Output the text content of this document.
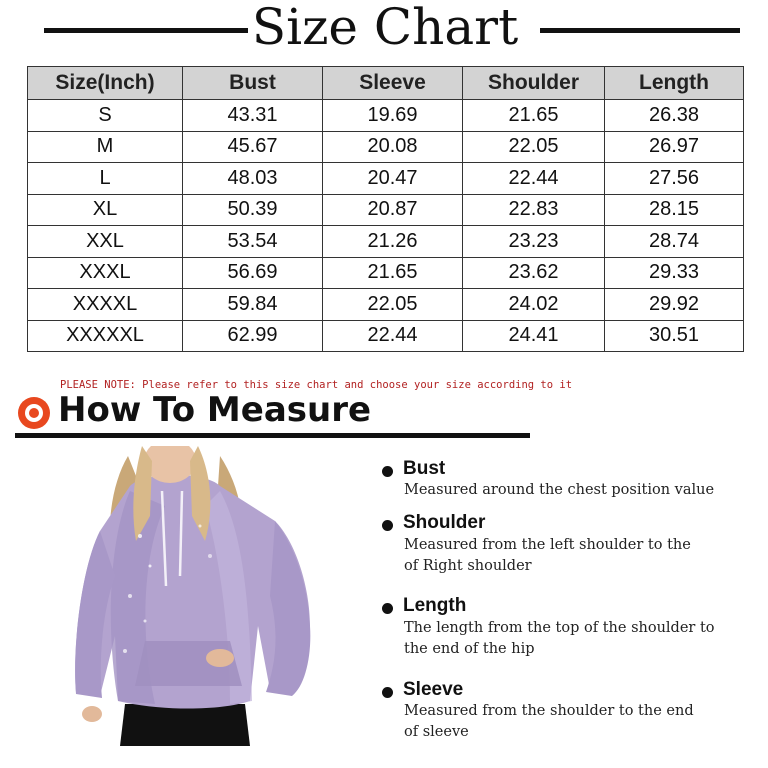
Size Chart
Size(Inch)	Bust	Sleeve	Shoulder	Length
S	43.31	19.69	21.65	26.38
M	45.67	20.08	22.05	26.97
L	48.03	20.47	22.44	27.56
XL	50.39	20.87	22.83	28.15
XXL	53.54	21.26	23.23	28.74
XXXL	56.69	21.65	23.62	29.33
XXXXL	59.84	22.05	24.02	29.92
XXXXXL	62.99	22.44	24.41	30.51
PLEASE NOTE: Please refer to this size chart and choose your size according to it
How To Measure
Bust
Measured around the chest position value
Shoulder
Measured from the left shoulder to the
of Right shoulder
Length
The length from the top of the shoulder to
the end of the hip
Sleeve
Measured from the shoulder to the end
of sleeve
